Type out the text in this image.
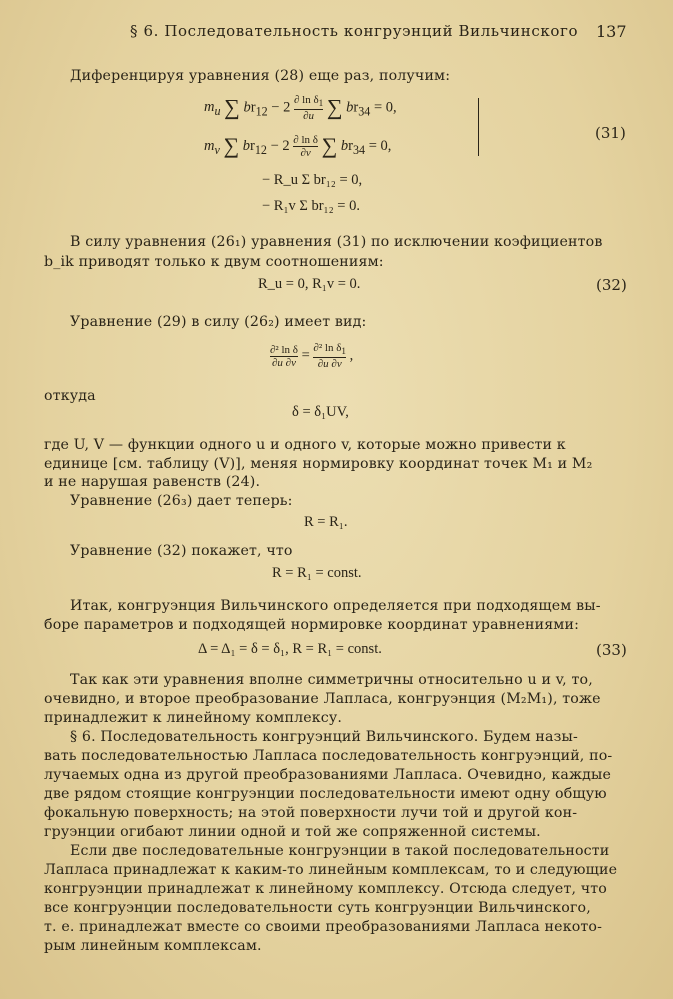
§ 6. Последовательность конгруэнций Вильчинского 137
Диференцируя уравнения (28) еще раз, получим:
$m_u$ ∑ $br_{12} - 2 \frac{\partial \ln \delta_1}{\partial u}$ ∑ $br_{34} = 0$,
$m_v$ ∑ $br_{12} - 2 \frac{\text{∂ ln δ}}{\partial v}$ ∑ $br_{34} = 0$,
(31)
− R_u Σ br₁₂ = 0,
− R₁v Σ br₁₂ = 0.
В силу уравнения (26₁) уравнения (31) по исключении коэфициентов
b_ik приводят только к двум соотношениям:
R_u = 0, R₁v = 0.	(32)
Уравнение (29) в силу (26₂) имеет вид:
$\frac{\text{∂² ln δ}}{\partial u \partial v} = \frac{\partial^2 \ln \delta_1}{\partial u \partial v}$ ,
откуда
δ = δ₁UV,
где U, V — функции одного u и одного v, которые можно привести к
единице [см. таблицу (V)], меняя нормировку координат точек M₁ и M₂
и не нарушая равенств (24).
Уравнение (26₃) дает теперь:
R = R₁.
Уравнение (32) покажет, что
R = R₁ = const.
Итак, конгруэнция Вильчинского определяется при подходящем вы-
боре параметров и подходящей нормировке координат уравнениями:
Δ = Δ₁ = δ = δ₁, R = R₁ = const.	(33)
Так как эти уравнения вполне симметричны относительно u и v, то,
очевидно, и второе преобразование Лапласа, конгруэнция (M₂M₁), тоже
принадлежит к линейному комплексу.
§ 6. Последовательность конгруэнций Вильчинского. Будем назы-
вать последовательностью Лапласа последовательность конгруэнций, по-
лучаемых одна из другой преобразованиями Лапласа. Очевидно, каждые
две рядом стоящие конгруэнции последовательности имеют одну общую
фокальную поверхность; на этой поверхности лучи той и другой кон-
груэнции огибают линии одной и той же сопряженной системы.
Если две последовательные конгруэнции в такой последовательности
Лапласа принадлежат к каким-то линейным комплексам, то и следующие
конгруэнции принадлежат к линейному комплексу. Отсюда следует, что
все конгруэнции последовательности суть конгруэнции Вильчинского,
т. е. принадлежат вместе со своими преобразованиями Лапласа некото-
рым линейным комплексам.
